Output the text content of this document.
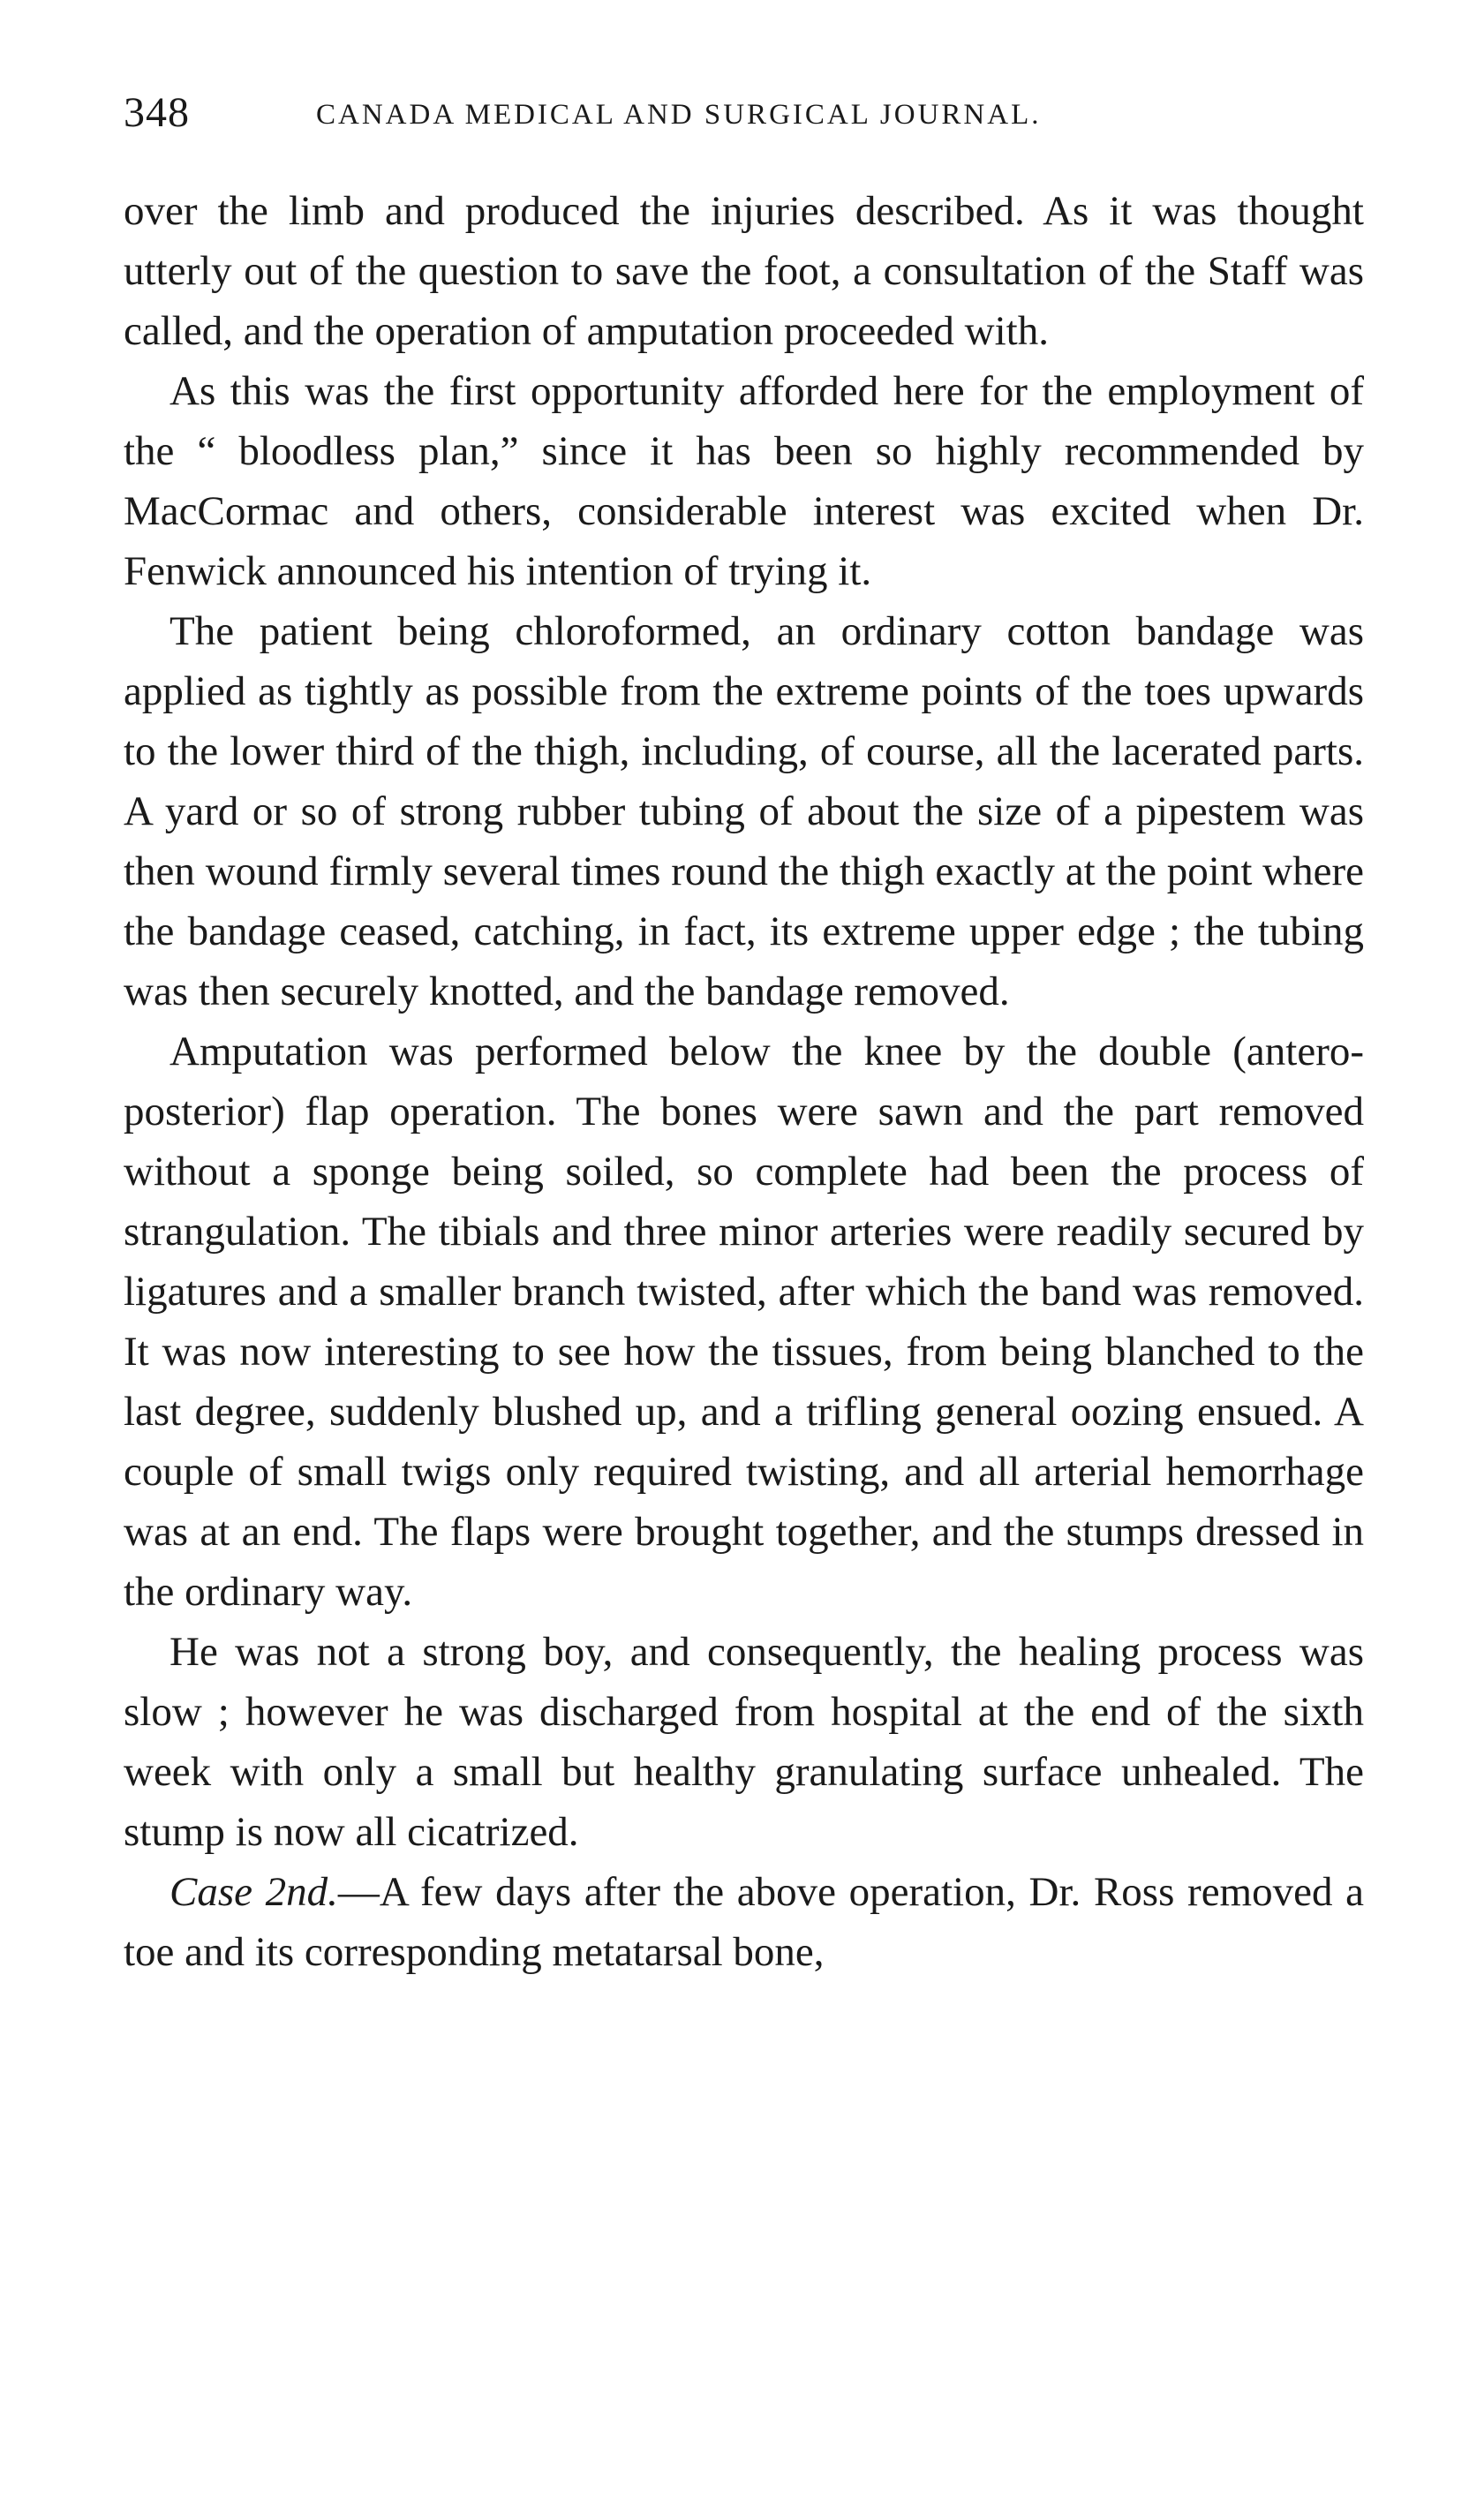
348	CANADA MEDICAL AND SURGICAL JOURNAL.

over the limb and produced the injuries described. As it was thought utterly out of the question to save the foot, a consultation of the Staff was called, and the operation of amputation proceeded with.

As this was the first opportunity afforded here for the employment of the “ bloodless plan,” since it has been so highly recommended by MacCormac and others, considerable interest was excited when Dr. Fenwick announced his intention of trying it.

The patient being chloroformed, an ordinary cotton bandage was applied as tightly as possible from the extreme points of the toes upwards to the lower third of the thigh, including, of course, all the lacerated parts. A yard or so of strong rubber tubing of about the size of a pipestem was then wound firmly several times round the thigh exactly at the point where the bandage ceased, catching, in fact, its extreme upper edge ; the tubing was then securely knotted, and the bandage removed.

Amputation was performed below the knee by the double (antero-posterior) flap operation. The bones were sawn and the part removed without a sponge being soiled, so complete had been the process of strangulation. The tibials and three minor arteries were readily secured by ligatures and a smaller branch twisted, after which the band was removed. It was now interesting to see how the tissues, from being blanched to the last degree, suddenly blushed up, and a trifling general oozing ensued. A couple of small twigs only required twisting, and all arterial hemorrhage was at an end. The flaps were brought together, and the stumps dressed in the ordinary way.

He was not a strong boy, and consequently, the healing process was slow ; however he was discharged from hospital at the end of the sixth week with only a small but healthy granulating surface unhealed. The stump is now all cicatrized.

Case 2nd.—A few days after the above operation, Dr. Ross removed a toe and its corresponding metatarsal bone,
